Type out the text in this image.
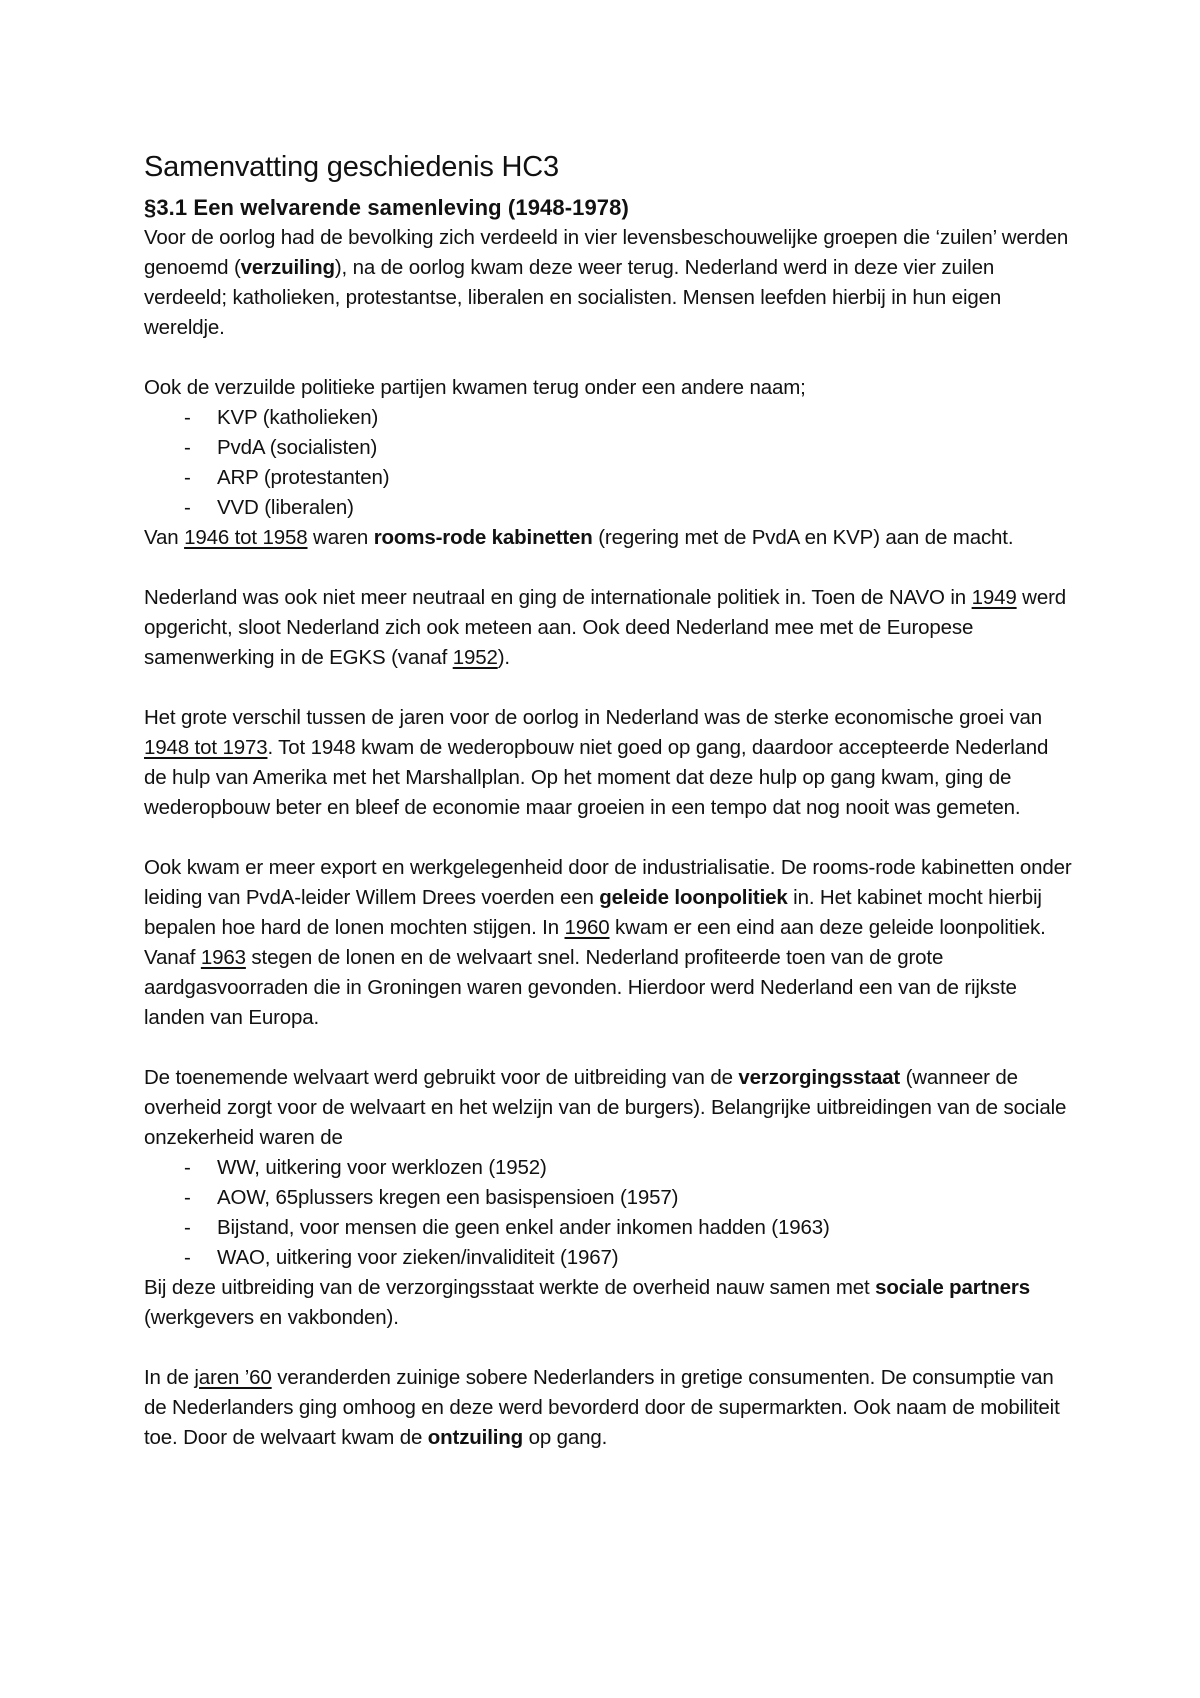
Samenvatting geschiedenis HC3
§3.1 Een welvarende samenleving (1948-1978)

Voor de oorlog had de bevolking zich verdeeld in vier levensbeschouwelijke groepen die ‘zuilen’ werden genoemd (verzuiling), na de oorlog kwam deze weer terug. Nederland werd in deze vier zuilen verdeeld; katholieken, protestantse, liberalen en socialisten. Mensen leefden hierbij in hun eigen wereldje.

Ook de verzuilde politieke partijen kwamen terug onder een andere naam;

- KVP (katholieken)
- PvdA (socialisten)
- ARP (protestanten)
- VVD (liberalen)

Van 1946 tot 1958 waren rooms-rode kabinetten (regering met de PvdA en KVP) aan de macht.

Nederland was ook niet meer neutraal en ging de internationale politiek in. Toen de NAVO in 1949 werd opgericht, sloot Nederland zich ook meteen aan. Ook deed Nederland mee met de Europese samenwerking in de EGKS (vanaf 1952).

Het grote verschil tussen de jaren voor de oorlog in Nederland was de sterke economische groei van 1948 tot 1973. Tot 1948 kwam de wederopbouw niet goed op gang, daardoor accepteerde Nederland de hulp van Amerika met het Marshallplan. Op het moment dat deze hulp op gang kwam, ging de wederopbouw beter en bleef de economie maar groeien in een tempo dat nog nooit was gemeten.

Ook kwam er meer export en werkgelegenheid door de industrialisatie. De rooms-rode kabinetten onder leiding van PvdA-leider Willem Drees voerden een geleide loonpolitiek in. Het kabinet mocht hierbij bepalen hoe hard de lonen mochten stijgen. In 1960 kwam er een eind aan deze geleide loonpolitiek. Vanaf 1963 stegen de lonen en de welvaart snel. Nederland profiteerde toen van de grote aardgasvoorraden die in Groningen waren gevonden. Hierdoor werd Nederland een van de rijkste landen van Europa.

De toenemende welvaart werd gebruikt voor de uitbreiding van de verzorgingsstaat (wanneer de overheid zorgt voor de welvaart en het welzijn van de burgers). Belangrijke uitbreidingen van de sociale onzekerheid waren de

- WW, uitkering voor werklozen (1952)
- AOW, 65plussers kregen een basispensioen (1957)
- Bijstand, voor mensen die geen enkel ander inkomen hadden (1963)
- WAO, uitkering voor zieken/invaliditeit (1967)

Bij deze uitbreiding van de verzorgingsstaat werkte de overheid nauw samen met sociale partners (werkgevers en vakbonden).

In de jaren ’60 veranderden zuinige sobere Nederlanders in gretige consumenten. De consumptie van de Nederlanders ging omhoog en deze werd bevorderd door de supermarkten. Ook naam de mobiliteit toe. Door de welvaart kwam de ontzuiling op gang.
